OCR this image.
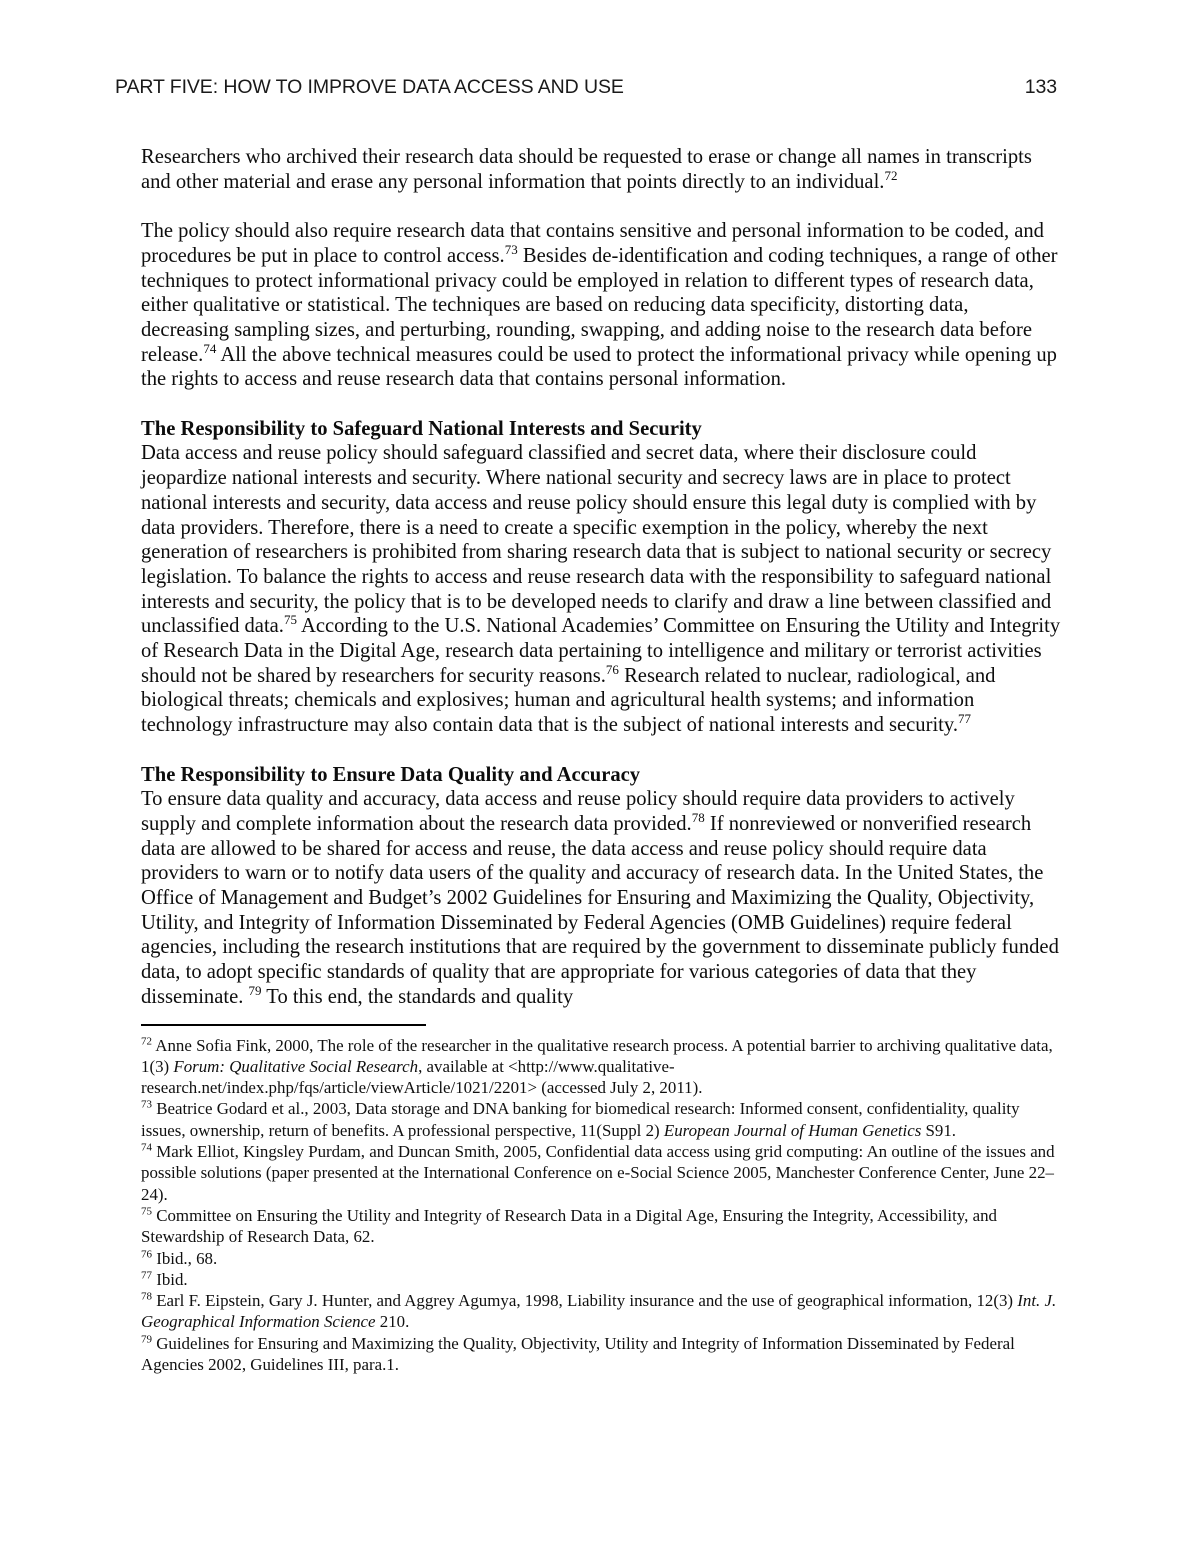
PART FIVE: HOW TO IMPROVE DATA ACCESS AND USE	133

Researchers who archived their research data should be requested to erase or change all names in transcripts and other material and erase any personal information that points directly to an individual.$^{72}$

The policy should also require research data that contains sensitive and personal information to be coded, and procedures be put in place to control access.$^{73}$ Besides de-identification and coding techniques, a range of other techniques to protect informational privacy could be employed in relation to different types of research data, either qualitative or statistical. The techniques are based on reducing data specificity, distorting data, decreasing sampling sizes, and perturbing, rounding, swapping, and adding noise to the research data before release.$^{74}$ All the above technical measures could be used to protect the informational privacy while opening up the rights to access and reuse research data that contains personal information.

The Responsibility to Safeguard National Interests and Security

Data access and reuse policy should safeguard classified and secret data, where their disclosure could jeopardize national interests and security. Where national security and secrecy laws are in place to protect national interests and security, data access and reuse policy should ensure this legal duty is complied with by data providers. Therefore, there is a need to create a specific exemption in the policy, whereby the next generation of researchers is prohibited from sharing research data that is subject to national security or secrecy legislation. To balance the rights to access and reuse research data with the responsibility to safeguard national interests and security, the policy that is to be developed needs to clarify and draw a line between classified and unclassified data.$^{75}$ According to the U.S. National Academies’ Committee on Ensuring the Utility and Integrity of Research Data in the Digital Age, research data pertaining to intelligence and military or terrorist activities should not be shared by researchers for security reasons.$^{76}$ Research related to nuclear, radiological, and biological threats; chemicals and explosives; human and agricultural health systems; and information technology infrastructure may also contain data that is the subject of national interests and security.$^{77}$

The Responsibility to Ensure Data Quality and Accuracy

To ensure data quality and accuracy, data access and reuse policy should require data providers to actively supply and complete information about the research data provided.$^{78}$ If nonreviewed or nonverified research data are allowed to be shared for access and reuse, the data access and reuse policy should require data providers to warn or to notify data users of the quality and accuracy of research data. In the United States, the Office of Management and Budget’s 2002 Guidelines for Ensuring and Maximizing the Quality, Objectivity, Utility, and Integrity of Information Disseminated by Federal Agencies (OMB Guidelines) require federal agencies, including the research institutions that are required by the government to disseminate publicly funded data, to adopt specific standards of quality that are appropriate for various categories of data that they disseminate. $^{79}$ To this end, the standards and quality

$^{72}$ Anne Sofia Fink, 2000, The role of the researcher in the qualitative research process. A potential barrier to archiving qualitative data, 1(3) Forum: Qualitative Social Research, available at <http://www.qualitative-research.net/index.php/fqs/article/viewArticle/1021/2201> (accessed July 2, 2011).

$^{73}$ Beatrice Godard et al., 2003, Data storage and DNA banking for biomedical research: Informed consent, confidentiality, quality issues, ownership, return of benefits. A professional perspective, 11(Suppl 2) European Journal of Human Genetics S91.

$^{74}$ Mark Elliot, Kingsley Purdam, and Duncan Smith, 2005, Confidential data access using grid computing: An outline of the issues and possible solutions (paper presented at the International Conference on e-Social Science 2005, Manchester Conference Center, June 22–24).

$^{75}$ Committee on Ensuring the Utility and Integrity of Research Data in a Digital Age, Ensuring the Integrity, Accessibility, and Stewardship of Research Data, 62.

$^{76}$ Ibid., 68.

$^{77}$ Ibid.

$^{78}$ Earl F. Eipstein, Gary J. Hunter, and Aggrey Agumya, 1998, Liability insurance and the use of geographical information, 12(3) Int. J. Geographical Information Science 210.

$^{79}$ Guidelines for Ensuring and Maximizing the Quality, Objectivity, Utility and Integrity of Information Disseminated by Federal Agencies 2002, Guidelines III, para.1.
